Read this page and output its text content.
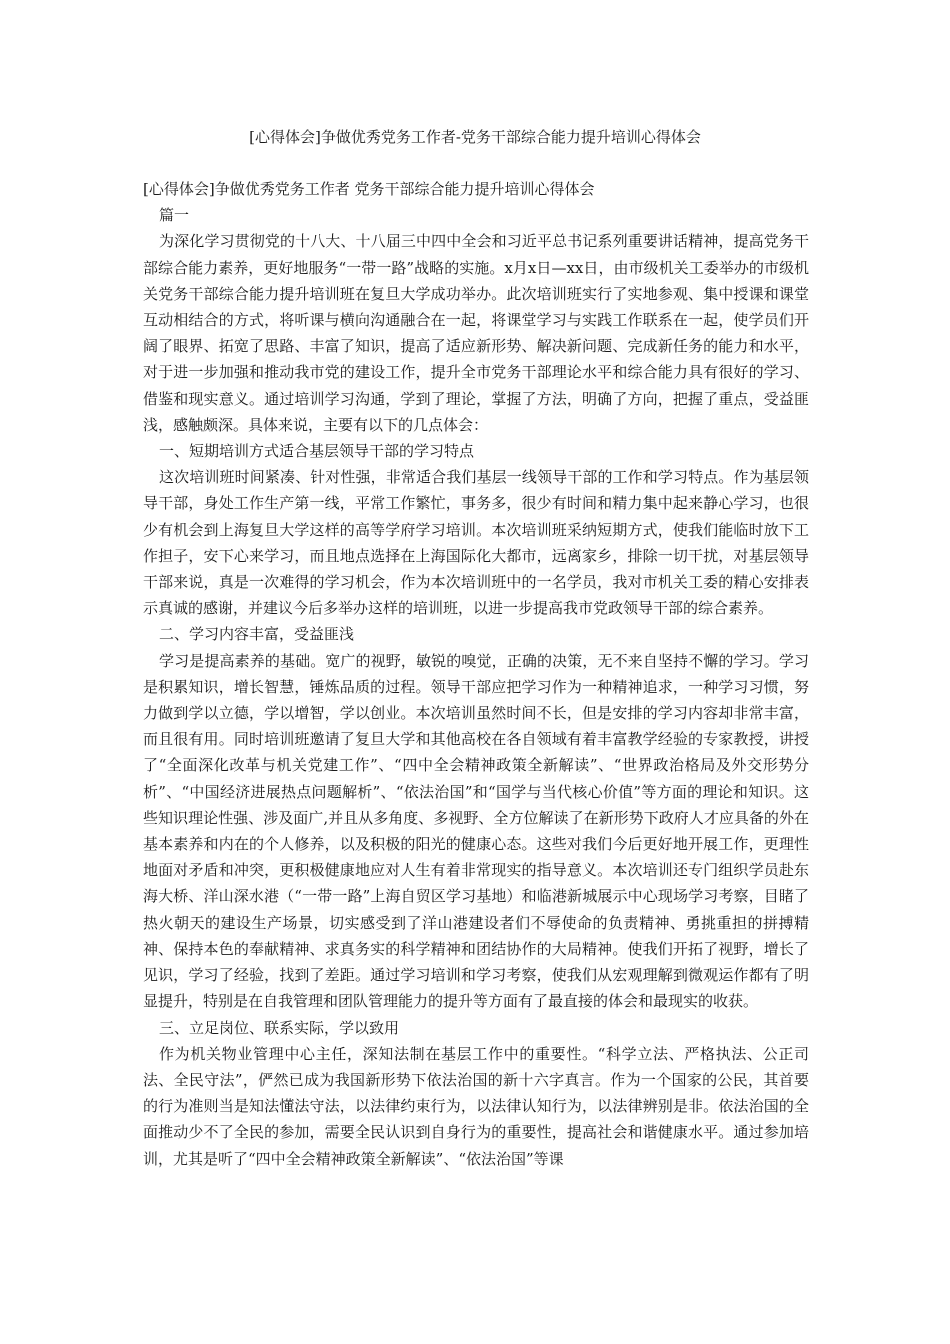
[心得体会]争做优秀党务工作者-党务干部综合能力提升培训心得体会

[心得体会]争做优秀党务工作者 党务干部综合能力提升培训心得体会

篇一

为深化学习贯彻党的十八大、十八届三中四中全会和习近平总书记系列重要讲话精神，提高党务干部综合能力素养，更好地服务“一带一路”战略的实施。x月x日—xx日，由市级机关工委举办的市级机关党务干部综合能力提升培训班在复旦大学成功举办。此次培训班实行了实地参观、集中授课和课堂互动相结合的方式，将听课与横向沟通融合在一起，将课堂学习与实践工作联系在一起，使学员们开阔了眼界、拓宽了思路、丰富了知识，提高了适应新形势、解决新问题、完成新任务的能力和水平，对于进一步加强和推动我市党的建设工作，提升全市党务干部理论水平和综合能力具有很好的学习、借鉴和现实意义。通过培训学习沟通，学到了理论，掌握了方法，明确了方向，把握了重点，受益匪浅，感触颇深。具体来说，主要有以下的几点体会：

一、短期培训方式适合基层领导干部的学习特点

这次培训班时间紧凑、针对性强，非常适合我们基层一线领导干部的工作和学习特点。作为基层领导干部，身处工作生产第一线，平常工作繁忙，事务多，很少有时间和精力集中起来静心学习，也很少有机会到上海复旦大学这样的高等学府学习培训。本次培训班采纳短期方式，使我们能临时放下工作担子，安下心来学习，而且地点选择在上海国际化大都市，远离家乡，排除一切干扰，对基层领导干部来说，真是一次难得的学习机会，作为本次培训班中的一名学员，我对市机关工委的精心安排表示真诚的感谢，并建议今后多举办这样的培训班，以进一步提高我市党政领导干部的综合素养。

二、学习内容丰富，受益匪浅

学习是提高素养的基础。宽广的视野，敏锐的嗅觉，正确的决策，无不来自坚持不懈的学习。学习是积累知识，增长智慧，锤炼品质的过程。领导干部应把学习作为一种精神追求，一种学习习惯，努力做到学以立德，学以增智，学以创业。本次培训虽然时间不长，但是安排的学习内容却非常丰富，而且很有用。同时培训班邀请了复旦大学和其他高校在各自领域有着丰富教学经验的专家教授，讲授了“全面深化改革与机关党建工作”、“四中全会精神政策全新解读”、“世界政治格局及外交形势分析”、“中国经济进展热点问题解析”、“依法治国”和“国学与当代核心价值”等方面的理论和知识。这些知识理论性强、涉及面广,并且从多角度、多视野、全方位解读了在新形势下政府人才应具备的外在基本素养和内在的个人修养，以及积极的阳光的健康心态。这些对我们今后更好地开展工作，更理性地面对矛盾和冲突，更积极健康地应对人生有着非常现实的指导意义。本次培训还专门组织学员赴东海大桥、洋山深水港（“一带一路”上海自贸区学习基地）和临港新城展示中心现场学习考察，目睹了热火朝天的建设生产场景，切实感受到了洋山港建设者们不辱使命的负责精神、勇挑重担的拼搏精神、保持本色的奉献精神、求真务实的科学精神和团结协作的大局精神。使我们开拓了视野，增长了见识，学习了经验，找到了差距。通过学习培训和学习考察，使我们从宏观理解到微观运作都有了明显提升，特别是在自我管理和团队管理能力的提升等方面有了最直接的体会和最现实的收获。

三、立足岗位、联系实际，学以致用

作为机关物业管理中心主任，深知法制在基层工作中的重要性。“科学立法、严格执法、公正司法、全民守法”，俨然已成为我国新形势下依法治国的新十六字真言。作为一个国家的公民，其首要的行为准则当是知法懂法守法，以法律约束行为，以法律认知行为，以法律辨别是非。依法治国的全面推动少不了全民的参加，需要全民认识到自身行为的重要性，提高社会和谐健康水平。通过参加培训，尤其是听了“四中全会精神政策全新解读”、“依法治国”等课
